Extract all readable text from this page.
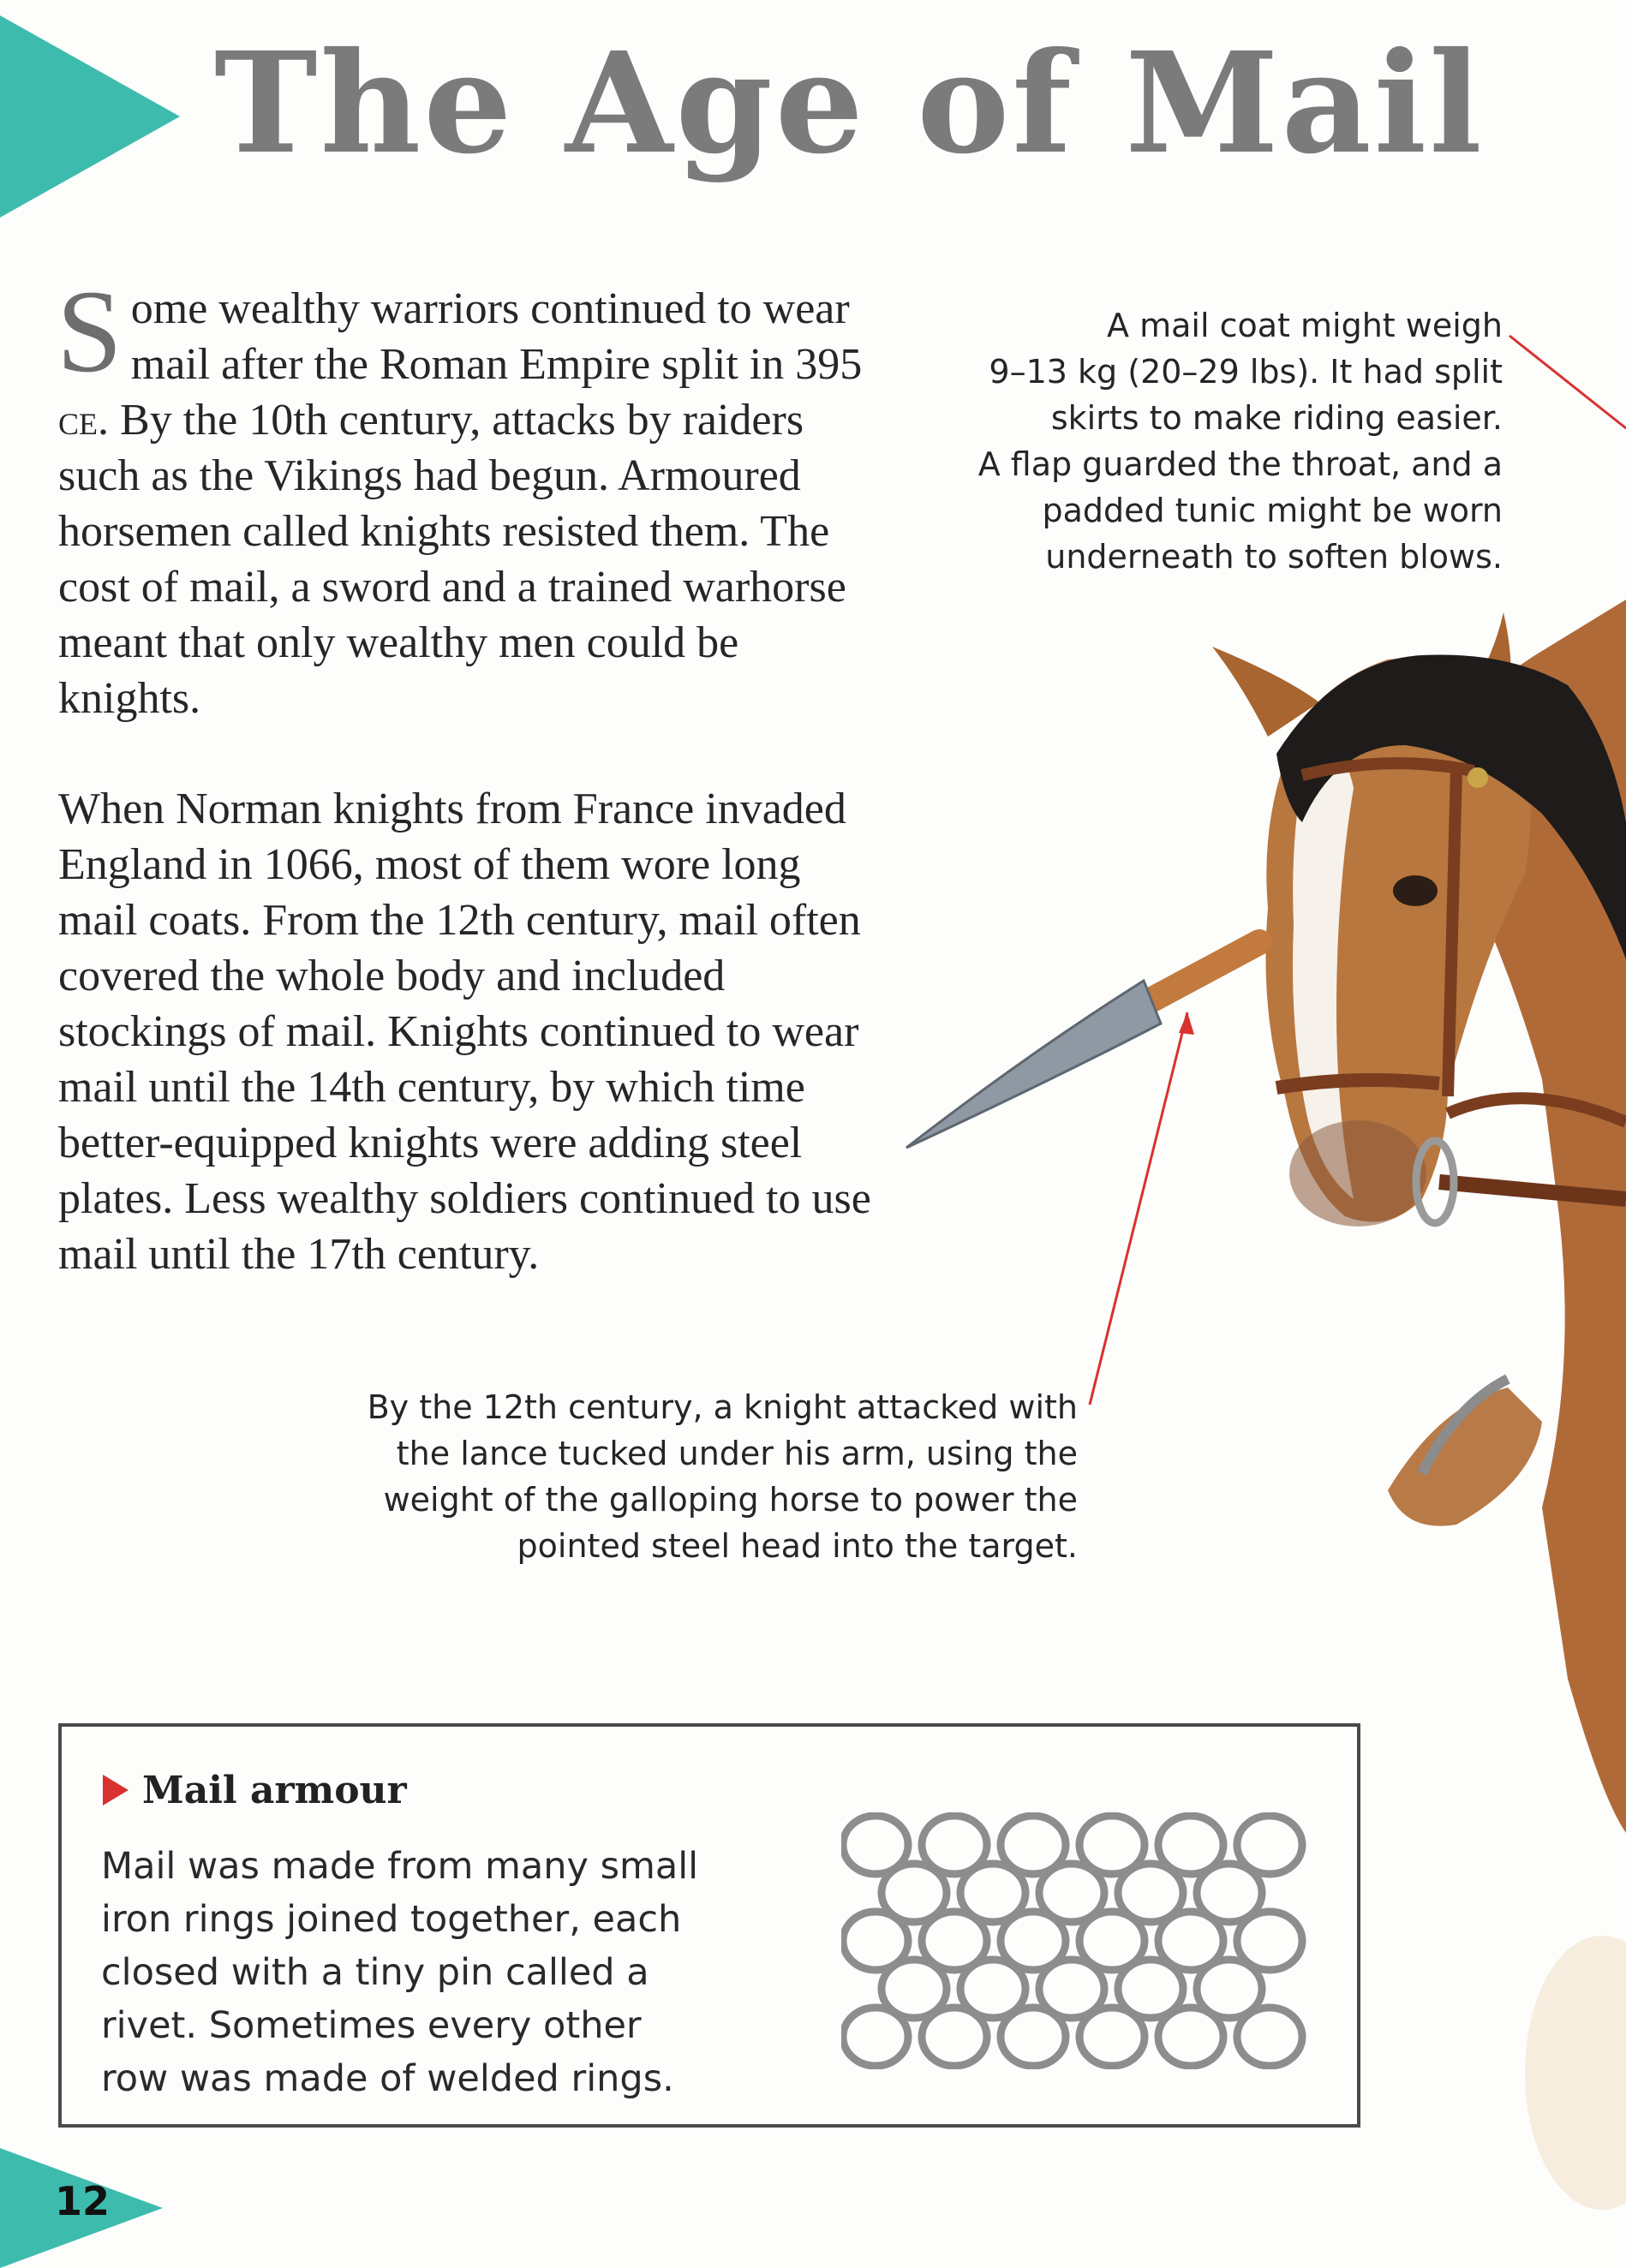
The Age of Mail

Some wealthy warriors continued to wear mail after the Roman Empire split in 395 ce. By the 10th century, attacks by raiders such as the Vikings had begun. Armoured horsemen called knights resisted them. The cost of mail, a sword and a trained warhorse meant that only wealthy men could be knights.

When Norman knights from France invaded England in 1066, most of them wore long mail coats. From the 12th century, mail often covered the whole body and included stockings of mail. Knights continued to wear mail until the 14th century, by which time better-equipped knights were adding steel plates. Less wealthy soldiers continued to use mail until the 17th century.

A mail coat might weigh
9–13 kg (20–29 lbs). It had split
skirts to make riding easier.
A flap guarded the throat, and a
padded tunic might be worn
underneath to soften blows.
By the 12th century, a knight attacked with
the lance tucked under his arm, using the
weight of the galloping horse to power the
pointed steel head into the target.
Mail armour

Mail was made from many small iron rings joined together, each closed with a tiny pin called a rivet. Sometimes every other row was made of welded rings.

12
